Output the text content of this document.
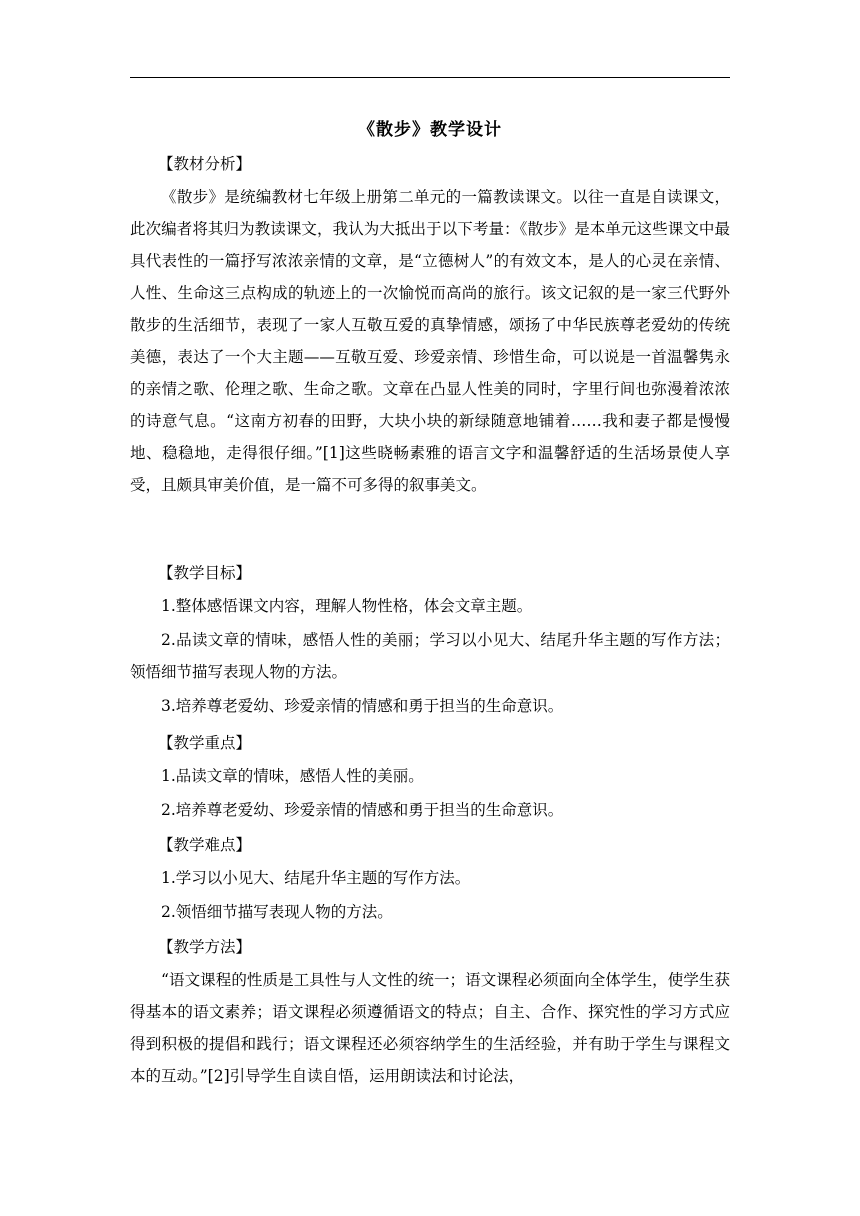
《散步》教学设计
【教材分析】

《散步》是统编教材七年级上册第二单元的一篇教读课文。以往一直是自读课文，此次编者将其归为教读课文，我认为大抵出于以下考量：《散步》是本单元这些课文中最具代表性的一篇抒写浓浓亲情的文章，是“立德树人”的有效文本，是人的心灵在亲情、人性、生命这三点构成的轨迹上的一次愉悦而高尚的旅行。该文记叙的是一家三代野外散步的生活细节，表现了一家人互敬互爱的真挚情感，颂扬了中华民族尊老爱幼的传统美德，表达了一个大主题——互敬互爱、珍爱亲情、珍惜生命，可以说是一首温馨隽永的亲情之歌、伦理之歌、生命之歌。文章在凸显人性美的同时，字里行间也弥漫着浓浓的诗意气息。“这南方初春的田野，大块小块的新绿随意地铺着……我和妻子都是慢慢地、稳稳地，走得很仔细。”[1]这些晓畅素雅的语言文字和温馨舒适的生活场景使人享受，且颇具审美价值，是一篇不可多得的叙事美文。

【教学目标】

1.整体感悟课文内容，理解人物性格，体会文章主题。

2.品读文章的情味，感悟人性的美丽；学习以小见大、结尾升华主题的写作方法；领悟细节描写表现人物的方法。

3.培养尊老爱幼、珍爱亲情的情感和勇于担当的生命意识。

【教学重点】

1.品读文章的情味，感悟人性的美丽。

2.培养尊老爱幼、珍爱亲情的情感和勇于担当的生命意识。

【教学难点】

1.学习以小见大、结尾升华主题的写作方法。

2.领悟细节描写表现人物的方法。

【教学方法】

“语文课程的性质是工具性与人文性的统一；语文课程必须面向全体学生，使学生获得基本的语文素养；语文课程必须遵循语文的特点；自主、合作、探究性的学习方式应得到积极的提倡和践行；语文课程还必须容纳学生的生活经验，并有助于学生与课程文本的互动。”[2]引导学生自读自悟，运用朗读法和讨论法，
